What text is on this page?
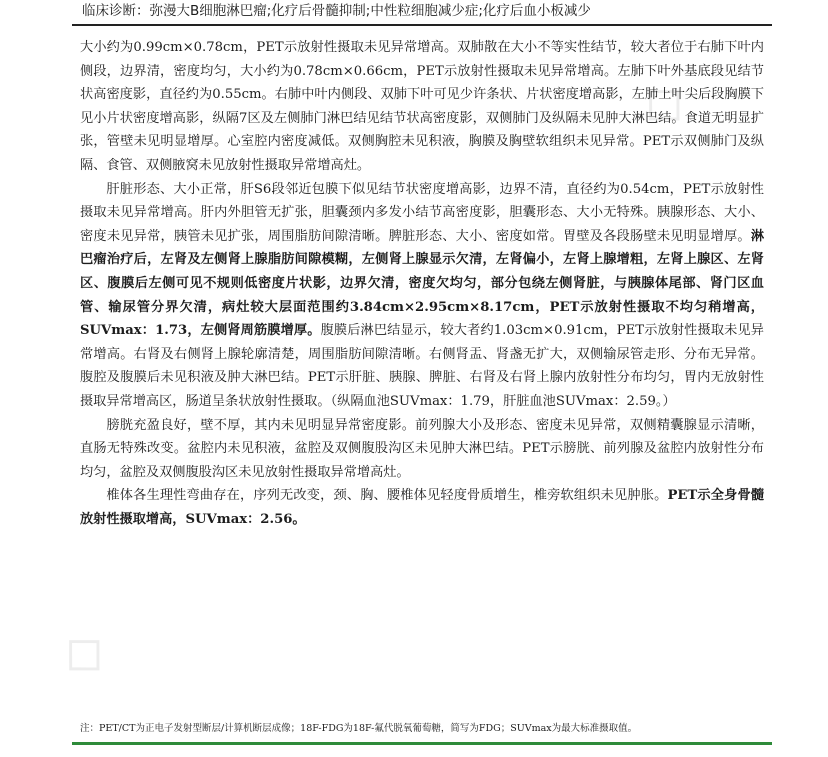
临床诊断：弥漫大B细胞淋巴瘤;化疗后骨髓抑制;中性粒细胞减少症;化疗后血小板减少

大小约为0.99cm×0.78cm，PET示放射性摄取未见异常增高。双肺散在大小不等实性结节，较大者位于右肺下叶内侧段，边界清，密度均匀，大小约为0.78cm×0.66cm，PET示放射性摄取未见异常增高。左肺下叶外基底段见结节状高密度影，直径约为0.55cm。右肺中叶内侧段、双肺下叶可见少许条状、片状密度增高影，左肺上叶尖后段胸膜下见小片状密度增高影，纵隔7区及左侧肺门淋巴结见结节状高密度影，双侧肺门及纵隔未见肿大淋巴结。食道无明显扩张，管壁未见明显增厚。心室腔内密度减低。双侧胸腔未见积液，胸膜及胸壁软组织未见异常。PET示双侧肺门及纵隔、食管、双侧腋窝未见放射性摄取异常增高灶。

肝脏形态、大小正常，肝S6段邻近包膜下似见结节状密度增高影，边界不清，直径约为0.54cm，PET示放射性摄取未见异常增高。肝内外胆管无扩张，胆囊颈内多发小结节高密度影，胆囊形态、大小无特殊。胰腺形态、大小、密度未见异常，胰管未见扩张，周围脂肪间隙清晰。脾脏形态、大小、密度如常。胃壁及各段肠壁未见明显增厚。淋巴瘤治疗后，左肾及左侧肾上腺脂肪间隙模糊，左侧肾上腺显示欠清，左肾偏小，左肾上腺增粗，左肾上腺区、左肾区、腹膜后左侧可见不规则低密度片状影，边界欠清，密度欠均匀，部分包绕左侧肾脏，与胰腺体尾部、肾门区血管、输尿管分界欠清，病灶较大层面范围约3.84cm×2.95cm×8.17cm，PET示放射性摄取不均匀稍增高，SUVmax：1.73，左侧肾周筋膜增厚。腹膜后淋巴结显示，较大者约1.03cm×0.91cm，PET示放射性摄取未见异常增高。右肾及右侧肾上腺轮廓清楚，周围脂肪间隙清晰。右侧肾盂、肾盏无扩大，双侧输尿管走形、分布无异常。腹腔及腹膜后未见积液及肿大淋巴结。PET示肝脏、胰腺、脾脏、右肾及右肾上腺内放射性分布均匀，胃内无放射性摄取异常增高区，肠道呈条状放射性摄取。（纵隔血池SUVmax：1.79，肝脏血池SUVmax：2.59。）

膀胱充盈良好，壁不厚，其内未见明显异常密度影。前列腺大小及形态、密度未见异常，双侧精囊腺显示清晰，直肠无特殊改变。盆腔内未见积液，盆腔及双侧腹股沟区未见肿大淋巴结。PET示膀胱、前列腺及盆腔内放射性分布均匀，盆腔及双侧腹股沟区未见放射性摄取异常增高灶。

椎体各生理性弯曲存在，序列无改变，颈、胸、腰椎体见轻度骨质增生，椎旁软组织未见肿胀。PET示全身骨髓放射性摄取增高，SUVmax：2.56。

注：PET/CT为正电子发射型断层/计算机断层成像；18F-FDG为18F-氟代脱氧葡萄糖，简写为FDG；SUVmax为最大标准摄取值。
◇
◇
